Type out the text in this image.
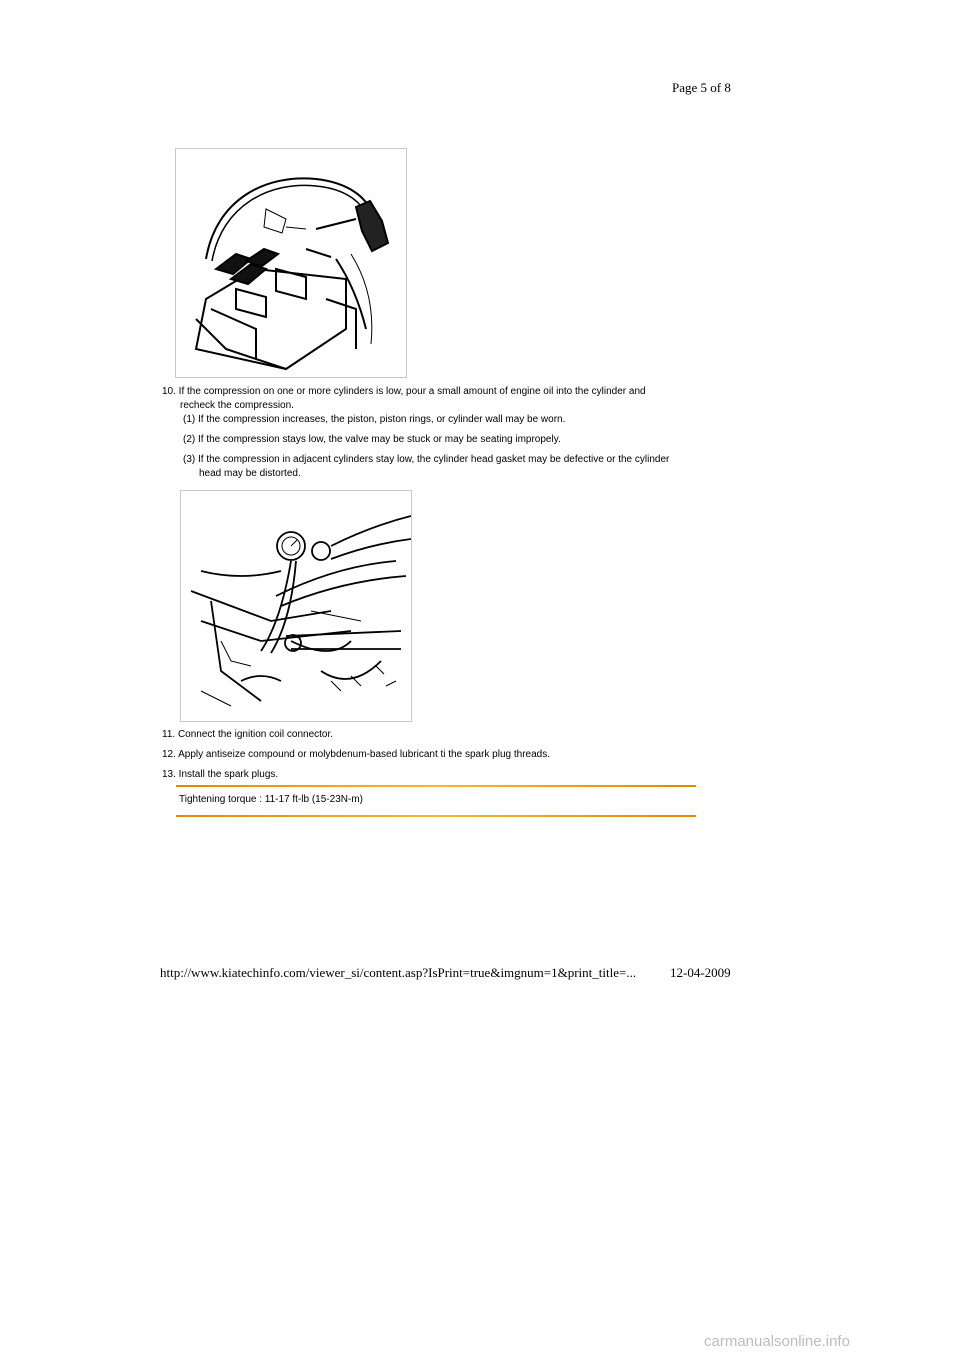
Page 5 of 8
10. If the compression on one or more cylinders is low, pour a small amount of engine oil into the cylinder and
recheck the compression.
(1) If the compression increases, the piston, piston rings, or cylinder wall may be worn.
(2) If the compression stays low, the valve may be stuck or may be seating impropely.
(3) If the compression in adjacent cylinders stay low, the cylinder head gasket may be defective or the cylinder
head may be distorted.
11. Connect the ignition coil connector.
12. Apply antiseize compound or molybdenum-based lubricant ti the spark plug threads.
13. Install the spark plugs.
Tightening torque : 11-17 ft-lb (15-23N-m)
http://www.kiatechinfo.com/viewer_si/content.asp?IsPrint=true&imgnum=1&print_title=...	12-04-2009
carmanualsonline.info
